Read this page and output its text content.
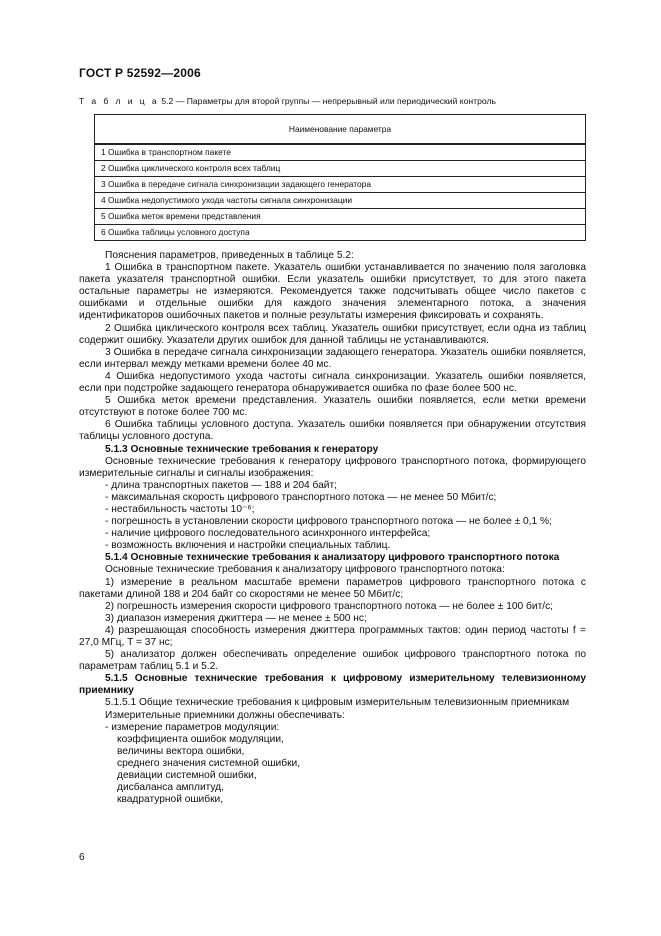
ГОСТ Р 52592—2006
Т а б л и ц а 5.2 — Параметры для второй группы — непрерывный или периодический контроль
Наименование параметра
1 Ошибка в транспортном пакете
2 Ошибка циклического контроля всех таблиц
3 Ошибка в передаче сигнала синхронизации задающего генератора
4 Ошибка недопустимого ухода частоты сигнала синхронизации
5 Ошибка меток времени представления
6 Ошибка таблицы условного доступа

Пояснения параметров, приведенных в таблице 5.2:

1 Ошибка в транспортном пакете. Указатель ошибки устанавливается по значению поля заголовка

пакета указателя транспортной ошибки. Если указатель ошибки присутствует, то для этого пакета остальные параметры не измеряются. Рекомендуется также подсчитывать общее число пакетов с ошибками и отдельные ошибки для каждого значения элементарного потока, а значения идентификаторов ошибочных пакетов и полные результаты измерения фиксировать и сохранять.

2 Ошибка циклического контроля всех таблиц. Указатель ошибки присутствует, если одна из таблиц содержит ошибку. Указатели других ошибок для данной таблицы не устанавливаются.

3 Ошибка в передаче сигнала синхронизации задающего генератора. Указатель ошибки появляется, если интервал между метками времени более 40 мс.

4 Ошибка недопустимого ухода частоты сигнала синхронизации. Указатель ошибки появляется, если при подстройке задающего генератора обнаруживается ошибка по фазе более 500 нс.

5 Ошибка меток времени представления. Указатель ошибки появляется, если метки времени отсутствуют в потоке более 700 мс.

6 Ошибка таблицы условного доступа. Указатель ошибки появляется при обнаружении отсутствия таблицы условного доступа.

5.1.3 Основные технические требования к генератору

Основные технические требования к генератору цифрового транспортного потока, формирующего измерительные сигналы и сигналы изображения:

- длина транспортных пакетов — 188 и 204 байт;

- максимальная скорость цифрового транспортного потока — не менее 50 Мбит/с;

- нестабильность частоты 10⁻⁶;

- погрешность в установлении скорости цифрового транспортного потока — не более ± 0,1 %;

- наличие цифрового последовательного асинхронного интерфейса;

- возможность включения и настройки специальных таблиц.

5.1.4 Основные технические требования к анализатору цифрового транспортного потока

Основные технические требования к анализатору цифрового транспортного потока:

1) измерение в реальном масштабе времени параметров цифрового транспортного потока с пакетами длиной 188 и 204 байт со скоростями не менее 50 Мбит/с;

2) погрешность измерения скорости цифрового транспортного потока — не более ± 100 бит/с;

3) диапазон измерения джиттера — не менее ± 500 нс;

4) разрешающая способность измерения джиттера программных тактов: один период частоты f = 27,0 МГц, T = 37 нс;

5) анализатор должен обеспечивать определение ошибок цифрового транспортного потока по параметрам таблиц 5.1 и 5.2.

5.1.5 Основные технические требования к цифровому измерительному телевизионному приемнику

5.1.5.1 Общие технические требования к цифровым измерительным телевизионным приемникам

Измерительные приемники должны обеспечивать:

- измерение параметров модуляции:

коэффициента ошибок модуляции,

величины вектора ошибки,

среднего значения системной ошибки,

девиации системной ошибки,

дисбаланса амплитуд,

квадратурной ошибки,

6
